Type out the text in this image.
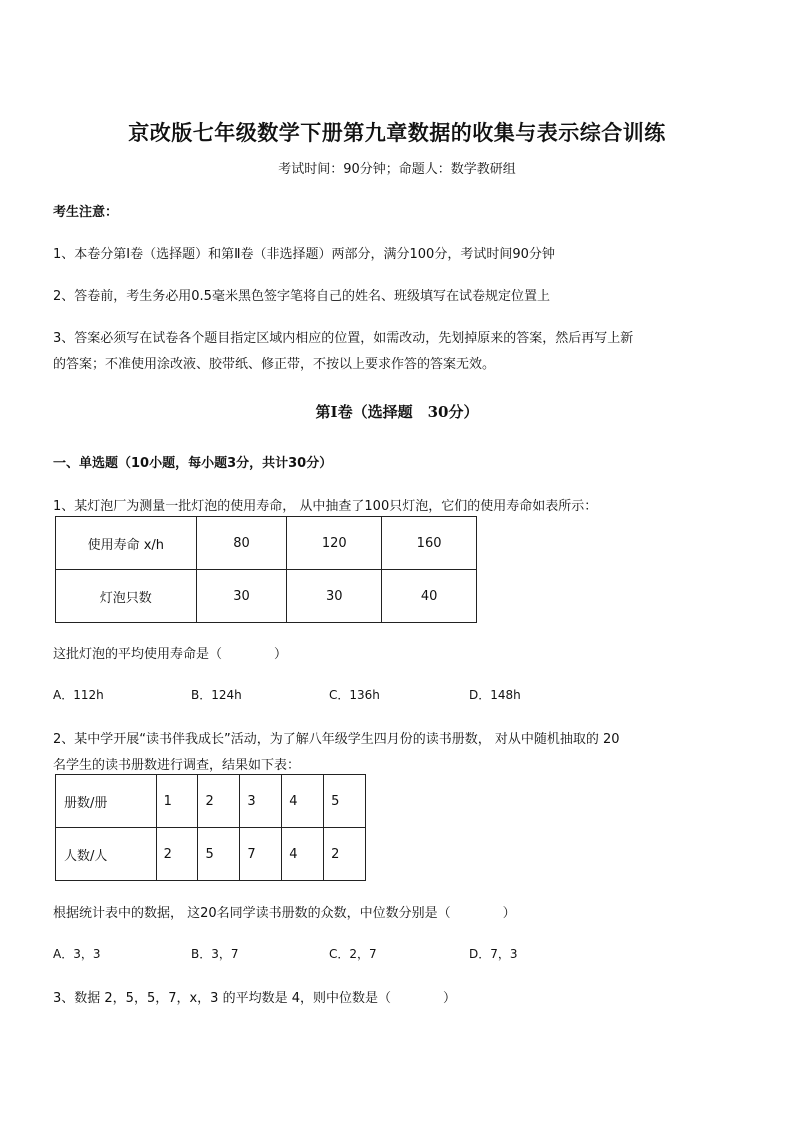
京改版七年级数学下册第九章数据的收集与表示综合训练
考试时间：90分钟；命题人：数学教研组
考生注意：
1、本卷分第Ⅰ卷（选择题）和第Ⅱ卷（非选择题）两部分，满分100分，考试时间90分钟
2、答卷前，考生务必用0.5毫米黑色签字笔将自己的姓名、班级填写在试卷规定位置上
3、答案必须写在试卷各个题目指定区域内相应的位置，如需改动，先划掉原来的答案，然后再写上新
的答案；不准使用涂改液、胶带纸、修正带，不按以上要求作答的答案无效。
第Ⅰ卷（选择题　30分）
一、单选题（10小题，每小题3分，共计30分）
1、某灯泡厂为测量一批灯泡的使用寿命， 从中抽查了100只灯泡，它们的使用寿命如表所示：
使用寿命 x/h	80	120	160
灯泡只数	30	30	40
这批灯泡的平均使用寿命是（　　　　）
A．112h	B．124h	C．136h	D．148h
2、某中学开展“读书伴我成长”活动，为了解八年级学生四月份的读书册数， 对从中随机抽取的 20
名学生的读书册数进行调查，结果如下表：
册数/册	1	2	3	4	5
人数/人	2	5	7	4	2
根据统计表中的数据， 这20名同学读书册数的众数，中位数分别是（　　　　）
A．3，3	B．3，7	C．2，7	D．7，3
3、数据 2，5，5，7，x，3 的平均数是 4，则中位数是（　　　　）
